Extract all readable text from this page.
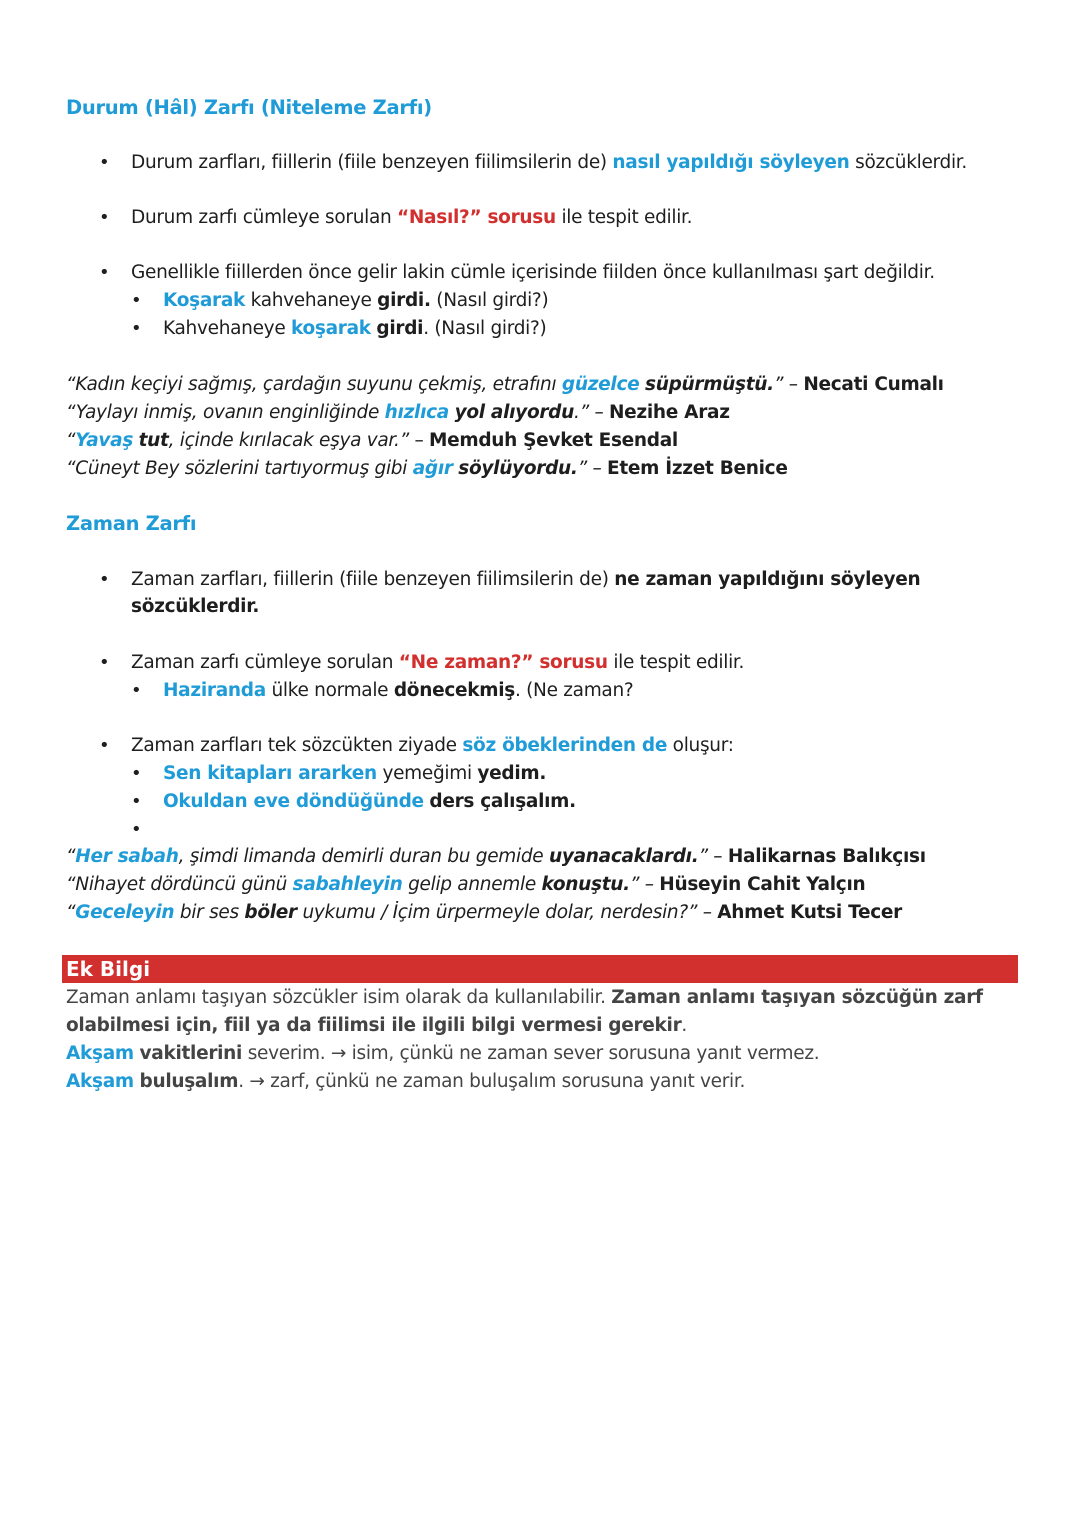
Ek Bilgi
Durum (Hâl) Zarfı (Niteleme Zarfı)
• Durum zarfları, fiillerin (fiile benzeyen fiilimsilerin de) nasıl yapıldığı söyleyen sözcüklerdir.
• Durum zarfı cümleye sorulan “Nasıl?” sorusu ile tespit edilir.
• Genellikle fiillerden önce gelir lakin cümle içerisinde fiilden önce kullanılması şart değildir.
• Koşarak kahvehaneye girdi. (Nasıl girdi?)
• Kahvehaneye koşarak girdi. (Nasıl girdi?)
“Kadın keçiyi sağmış, çardağın suyunu çekmiş, etrafını güzelce süpürmüştü.” – Necati Cumalı
“Yaylayı inmiş, ovanın enginliğinde hızlıca yol alıyordu.” – Nezihe Araz
“Yavaş tut, içinde kırılacak eşya var.” – Memduh Şevket Esendal
“Cüneyt Bey sözlerini tartıyormuş gibi ağır söylüyordu.” – Etem İzzet Benice
Zaman Zarfı
• Zaman zarfları, fiillerin (fiile benzeyen fiilimsilerin de) ne zaman yapıldığını söyleyen
sözcüklerdir.
• Zaman zarfı cümleye sorulan “Ne zaman?” sorusu ile tespit edilir.
• Haziranda ülke normale dönecekmiş. (Ne zaman?
• Zaman zarfları tek sözcükten ziyade söz öbeklerinden de oluşur:
• Sen kitapları ararken yemeğimi yedim.
• Okuldan eve döndüğünde ders çalışalım.
•
“Her sabah, şimdi limanda demirli duran bu gemide uyanacaklardı.” – Halikarnas Balıkçısı
“Nihayet dördüncü günü sabahleyin gelip annemle konuştu.” – Hüseyin Cahit Yalçın
“Geceleyin bir ses böler uykumu / İçim ürpermeyle dolar, nerdesin?” – Ahmet Kutsi Tecer
Zaman anlamı taşıyan sözcükler isim olarak da kullanılabilir. Zaman anlamı taşıyan sözcüğün zarf
olabilmesi için, fiil ya da fiilimsi ile ilgili bilgi vermesi gerekir.
Akşam vakitlerini severim. → isim, çünkü ne zaman sever sorusuna yanıt vermez.
Akşam buluşalım. → zarf, çünkü ne zaman buluşalım sorusuna yanıt verir.
